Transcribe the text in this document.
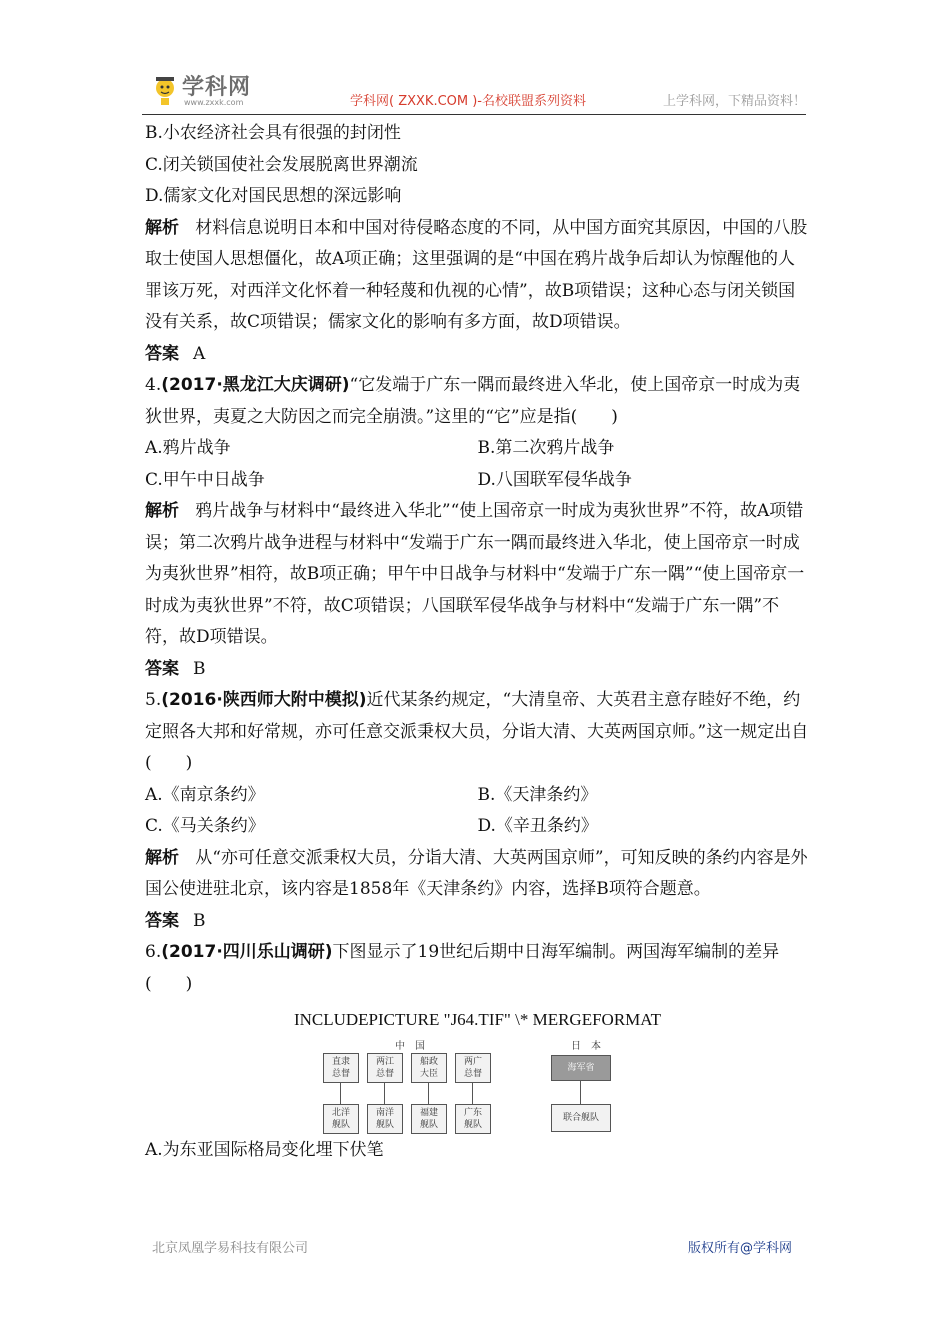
学科网
www.zxxk.com	学科网( ZXXK.COM )-名校联盟系列资料	上学科网，下精品资料！

B.小农经济社会具有很强的封闭性

C.闭关锁国使社会发展脱离世界潮流

D.儒家文化对国民思想的深远影响

解析 材料信息说明日本和中国对待侵略态度的不同，从中国方面究其原因，中国的八股取士使国人思想僵化，故A项正确；这里强调的是“中国在鸦片战争后却认为惊醒他的人罪该万死，对西洋文化怀着一种轻蔑和仇视的心情”，故B项错误；这种心态与闭关锁国没有关系，故C项错误；儒家文化的影响有多方面，故D项错误。

答案 A

4.(2017·黑龙江大庆调研)“它发端于广东一隅而最终进入华北，使上国帝京一时成为夷狄世界，夷夏之大防因之而完全崩溃。”这里的“它”应是指(　　)

A.鸦片战争	B.第二次鸦片战争
C.甲午中日战争	D.八国联军侵华战争

解析 鸦片战争与材料中“最终进入华北”“使上国帝京一时成为夷狄世界”不符，故A项错误；第二次鸦片战争进程与材料中“发端于广东一隅而最终进入华北，使上国帝京一时成为夷狄世界”相符，故B项正确；甲午中日战争与材料中“发端于广东一隅”“使上国帝京一时成为夷狄世界”不符，故C项错误；八国联军侵华战争与材料中“发端于广东一隅”不符，故D项错误。

答案 B

5.(2016·陕西师大附中模拟)近代某条约规定，“大清皇帝、大英君主意存睦好不绝，约定照各大邦和好常规，亦可任意交派秉权大员，分诣大清、大英两国京师。”这一规定出自(　　)

A.《南京条约》	B.《天津条约》
C.《马关条约》	D.《辛丑条约》

解析 从“亦可任意交派秉权大员，分诣大清、大英两国京师”，可知反映的条约内容是外国公使进驻北京，该内容是1858年《天津条约》内容，选择B项符合题意。

答案 B

6.(2017·四川乐山调研)下图显示了19世纪后期中日海军编制。两国海军编制的差异(　　)

INCLUDEPICTURE "J64.TIF" \* MERGEFORMAT
中　国	日　本
直隶
总督
两江
总督
船政
大臣
两广
总督
北洋
舰队
南洋
舰队
福建
舰队
广东
舰队
海军省
联合舰队

A.为东亚国际格局变化埋下伏笔

北京凤凰学易科技有限公司	版权所有@学科网
